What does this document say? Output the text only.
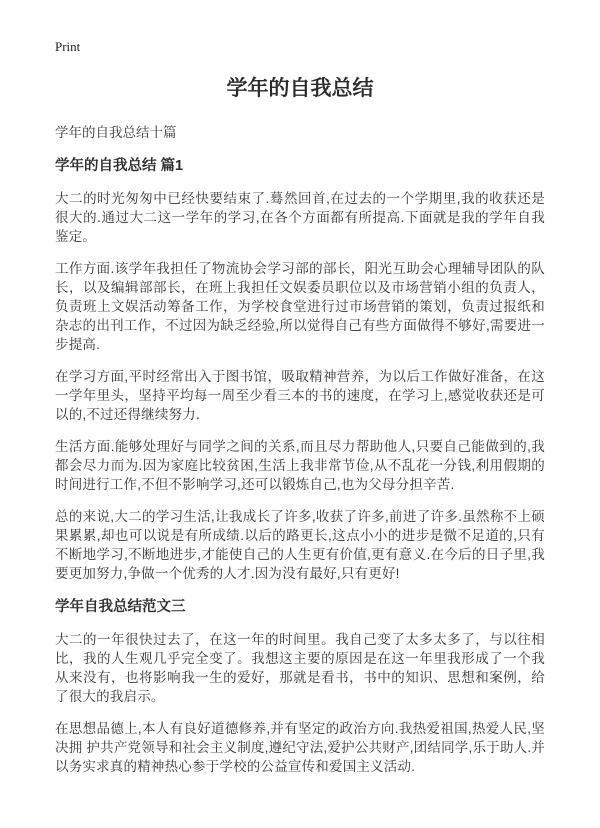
Print
学年的自我总结

学年的自我总结十篇

学年的自我总结 篇1

大二的时光匆匆中已经快要结束了.蓦然回首,在过去的一个学期里,我的收获还是很大的.通过大二这一学年的学习,在各个方面都有所提高.下面就是我的学年自我鉴定。

工作方面.该学年我担任了物流协会学习部的部长，阳光互助会心理辅导团队的队长，以及编辑部部长，在班上我担任文娱委员职位以及市场营销小组的负责人，负责班上文娱活动筹备工作，为学校食堂进行过市场营销的策划，负责过报纸和杂志的出刊工作，不过因为缺乏经验,所以觉得自己有些方面做得不够好,需要进一步提高.

在学习方面,平时经常出入于图书馆，吸取精神营养，为以后工作做好准备，在这一学年里头，坚持平均每一周至少看三本的书的速度，在学习上,感觉收获还是可以的,不过还得继续努力.

生活方面.能够处理好与同学之间的关系,而且尽力帮助他人,只要自己能做到的,我都会尽力而为.因为家庭比较贫困,生活上我非常节俭,从不乱花一分钱,利用假期的时间进行工作,不但不影响学习,还可以锻炼自己,也为父母分担辛苦.

总的来说,大二的学习生活,让我成长了许多,收获了许多,前进了许多.虽然称不上硕果累累,却也可以说是有所成绩.以后的路更长,这点小小的进步是微不足道的,只有不断地学习,不断地进步,才能使自己的人生更有价值,更有意义.在今后的日子里,我要更加努力,争做一个优秀的人才.因为没有最好,只有更好!

学年自我总结范文三

大二的一年很快过去了，在这一年的时间里。我自己变了太多太多了，与以往相比，我的人生观几乎完全变了。我想这主要的原因是在这一年里我形成了一个我从来没有，也将影响我一生的爱好，那就是看书，书中的知识、思想和案例，给了很大的我启示。

在思想品德上,本人有良好道德修养,并有坚定的政治方向.我热爱祖国,热爱人民,坚决拥 护共产党领导和社会主义制度,遵纪守法,爱护公共财产,团结同学,乐于助人.并以务实求真的精神热心参于学校的公益宣传和爱国主义活动.
